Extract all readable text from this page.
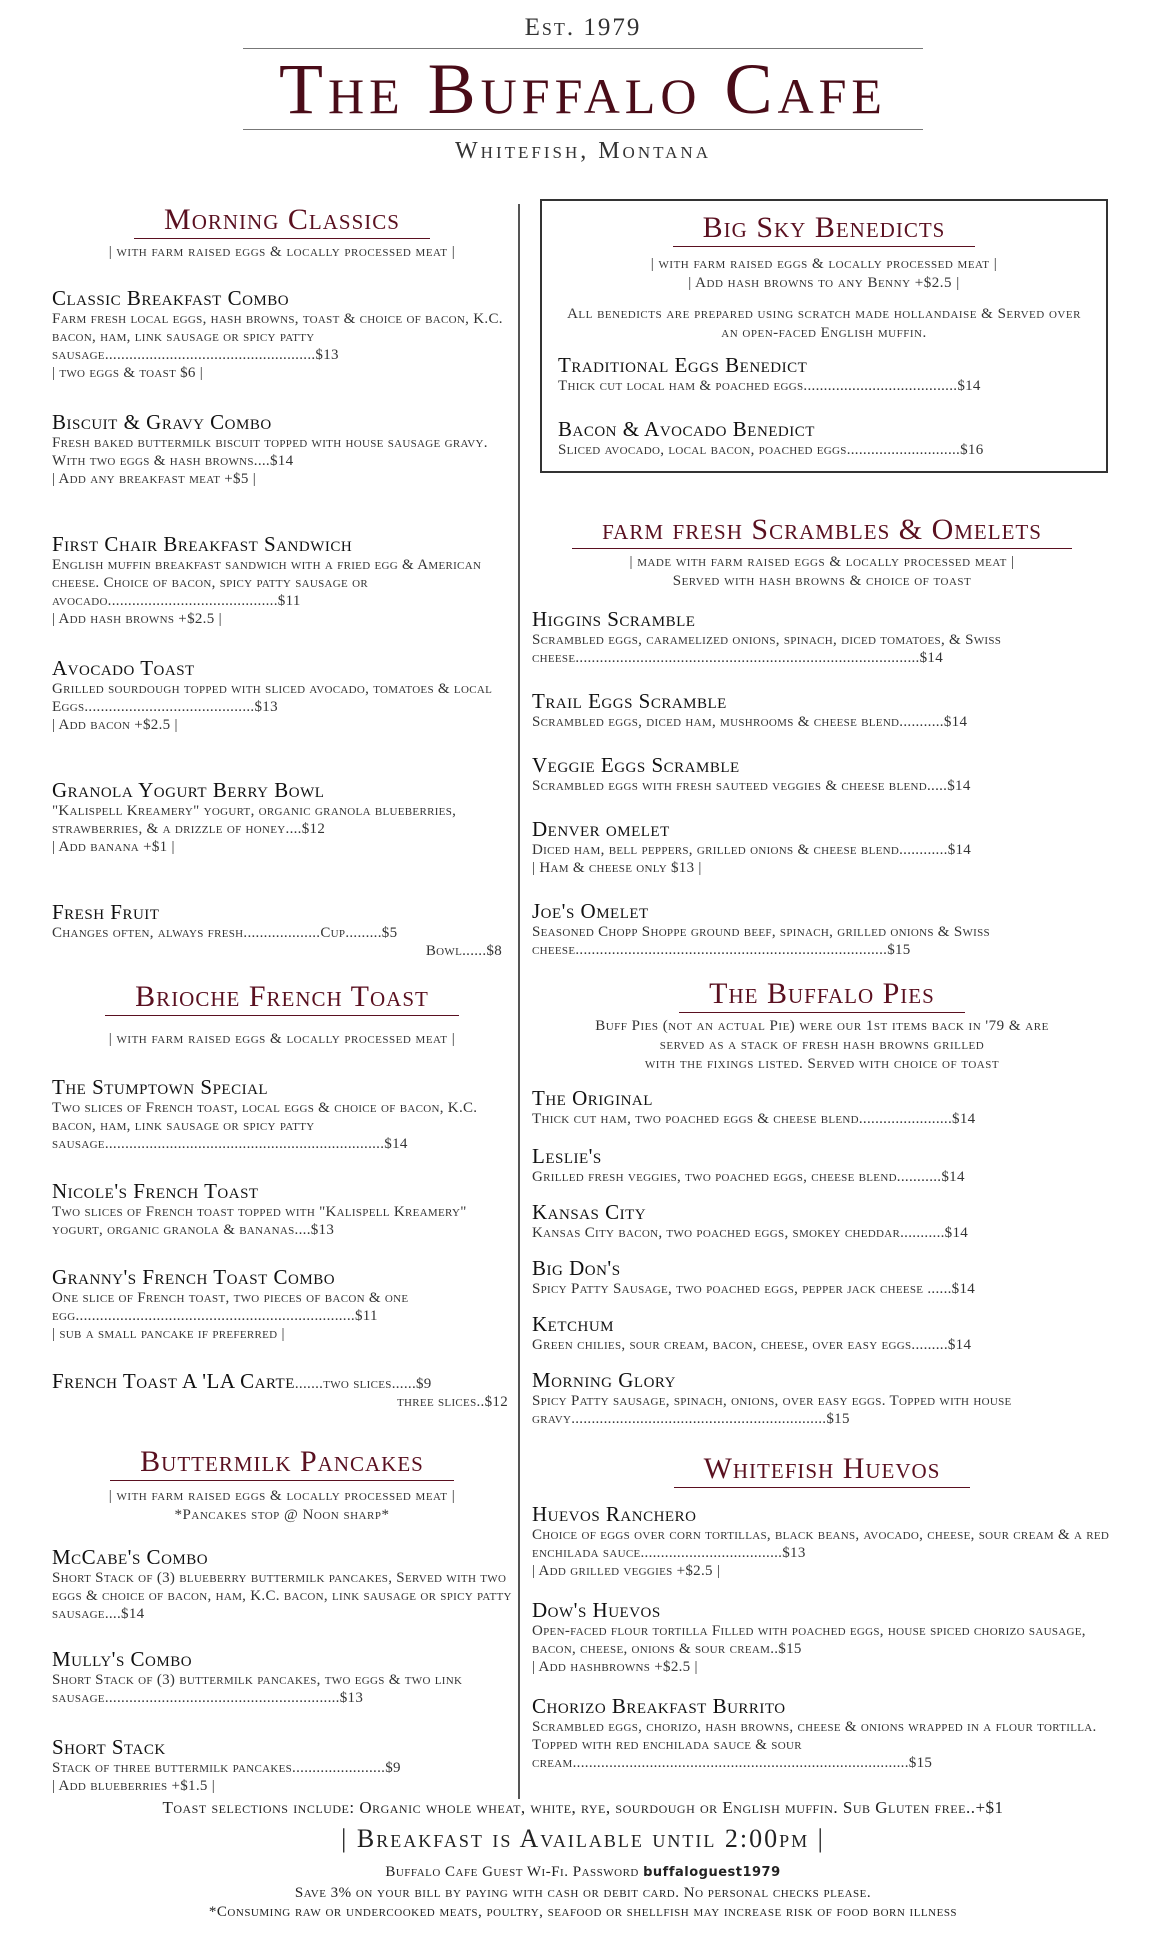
Est. 1979
The Buffalo Cafe
Whitefish, Montana
Morning Classics
| with farm raised eggs & locally processed meat |
Classic Breakfast Combo
Farm fresh local eggs, hash browns, toast & choice of bacon, K.C. bacon, ham, link sausage or spicy patty sausage....................................................$13
| two eggs & toast $6 |
Biscuit & Gravy Combo
Fresh baked buttermilk biscuit topped with house sausage gravy. With two eggs & hash browns....$14
| Add any breakfast meat +$5 |
First Chair Breakfast Sandwich
English muffin breakfast sandwich with a fried egg & American cheese. Choice of bacon, spicy patty sausage or avocado..........................................$11
| Add hash browns +$2.5 |
Avocado Toast
Grilled sourdough topped with sliced avocado, tomatoes & local Eggs..........................................$13
| Add bacon +$2.5 |
Granola Yogurt Berry Bowl
"Kalispell Kreamery" yogurt, organic granola blueberries, strawberries, & a drizzle of honey....$12
| Add banana +$1 |
Fresh Fruit
Changes often, always fresh...................Cup.........$5
Bowl......$8
Brioche French Toast
| with farm raised eggs & locally processed meat |
The Stumptown Special
Two slices of French toast, local eggs & choice of bacon, K.C. bacon, ham, link sausage or spicy patty sausage.....................................................................$14
Nicole's French Toast
Two slices of French toast topped with "Kalispell Kreamery" yogurt, organic granola & bananas....$13
Granny's French Toast Combo
One slice of French toast, two pieces of bacon & one egg.....................................................................$11
| sub a small pancake if preferred |
French Toast A 'LA Carte .......two slices......$9
three slices..$12
Buttermilk Pancakes
| with farm raised eggs & locally processed meat |
*Pancakes stop @ Noon sharp*
McCabe's Combo
Short Stack of (3) blueberry buttermilk pancakes, Served with two eggs & choice of bacon, ham, K.C. bacon, link sausage or spicy patty sausage....$14
Mully's Combo
Short Stack of (3) buttermilk pancakes, two eggs & two link sausage..........................................................$13
Short Stack
Stack of three buttermilk pancakes.......................$9
| Add blueberries +$1.5 |
Big Sky Benedicts
| with farm raised eggs & locally processed meat |
| Add hash browns to any Benny +$2.5 |
All benedicts are prepared using scratch made hollandaise & Served over an open-faced English muffin.
Traditional Eggs Benedict
Thick cut local ham & poached eggs......................................$14
Bacon & Avocado Benedict
Sliced avocado, local bacon, poached eggs............................$16
farm fresh Scrambles & Omelets
| made with farm raised eggs & locally processed meat |
Served with hash browns & choice of toast
Higgins Scramble
Scrambled eggs, caramelized onions, spinach, diced tomatoes, & Swiss cheese.....................................................................................$14
Trail Eggs Scramble
Scrambled eggs, diced ham, mushrooms & cheese blend...........$14
Veggie Eggs Scramble
Scrambled eggs with fresh sauteed veggies & cheese blend.....$14
Denver omelet
Diced ham, bell peppers, grilled onions & cheese blend............$14
| Ham & cheese only $13 |
Joe's Omelet
Seasoned Chopp Shoppe ground beef, spinach, grilled onions & Swiss cheese.............................................................................$15
The Buffalo Pies
Buff Pies (not an actual Pie) were our 1st items back in '79 & are
served as a stack of fresh hash browns grilled
with the fixings listed. Served with choice of toast
The Original
Thick cut ham, two poached eggs & cheese blend.......................$14
Leslie's
Grilled fresh veggies, two poached eggs, cheese blend...........$14
Kansas City
Kansas City bacon, two poached eggs, smokey cheddar...........$14
Big Don's
Spicy Patty Sausage, two poached eggs, pepper jack cheese ......$14
Ketchum
Green chilies, sour cream, bacon, cheese, over easy eggs.........$14
Morning Glory
Spicy Patty sausage, spinach, onions, over easy eggs. Topped with house gravy...............................................................$15
Whitefish Huevos
Huevos Ranchero
Choice of eggs over corn tortillas, black beans, avocado, cheese, sour cream & a red enchilada sauce...................................$13
| Add grilled veggies +$2.5 |
Dow's Huevos
Open-faced flour tortilla Filled with poached eggs, house spiced chorizo sausage, bacon, cheese, onions & sour cream..$15
| Add hashbrowns +$2.5 |
Chorizo Breakfast Burrito
Scrambled eggs, chorizo, hash browns, cheese & onions wrapped in a flour tortilla. Topped with red enchilada sauce & sour cream...................................................................................$15
Toast selections include: Organic whole wheat, white, rye, sourdough or English muffin. Sub Gluten free..+$1
| Breakfast is Available until 2:00pm |
Buffalo Cafe Guest Wi-Fi. Password buffaloguest1979
Save 3% on your bill by paying with cash or debit card. No personal checks please.
*Consuming raw or undercooked meats, poultry, seafood or shellfish may increase risk of food born illness
